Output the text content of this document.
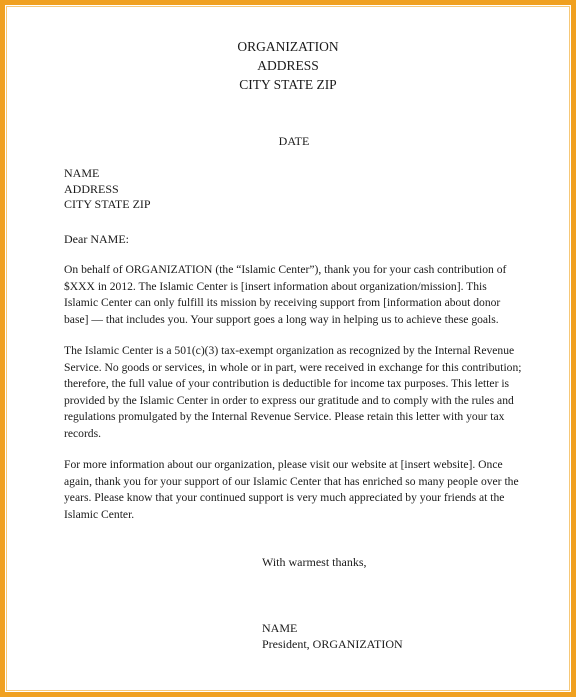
ORGANIZATION
ADDRESS
CITY STATE ZIP
DATE
NAME
ADDRESS
CITY STATE ZIP
Dear NAME:

On behalf of ORGANIZATION (the “Islamic Center”), thank you for your cash contribution of $XXX in 2012. The Islamic Center is [insert information about organization/mission]. This Islamic Center can only fulfill its mission by receiving support from [information about donor base] — that includes you. Your support goes a long way in helping us to achieve these goals.

The Islamic Center is a 501(c)(3) tax-exempt organization as recognized by the Internal Revenue Service. No goods or services, in whole or in part, were received in exchange for this contribution; therefore, the full value of your contribution is deductible for income tax purposes. This letter is provided by the Islamic Center in order to express our gratitude and to comply with the rules and regulations promulgated by the Internal Revenue Service. Please retain this letter with your tax records.

For more information about our organization, please visit our website at [insert website]. Once again, thank you for your support of our Islamic Center that has enriched so many people over the years. Please know that your continued support is very much appreciated by your friends at the Islamic Center.

With warmest thanks,
NAME
President, ORGANIZATION
